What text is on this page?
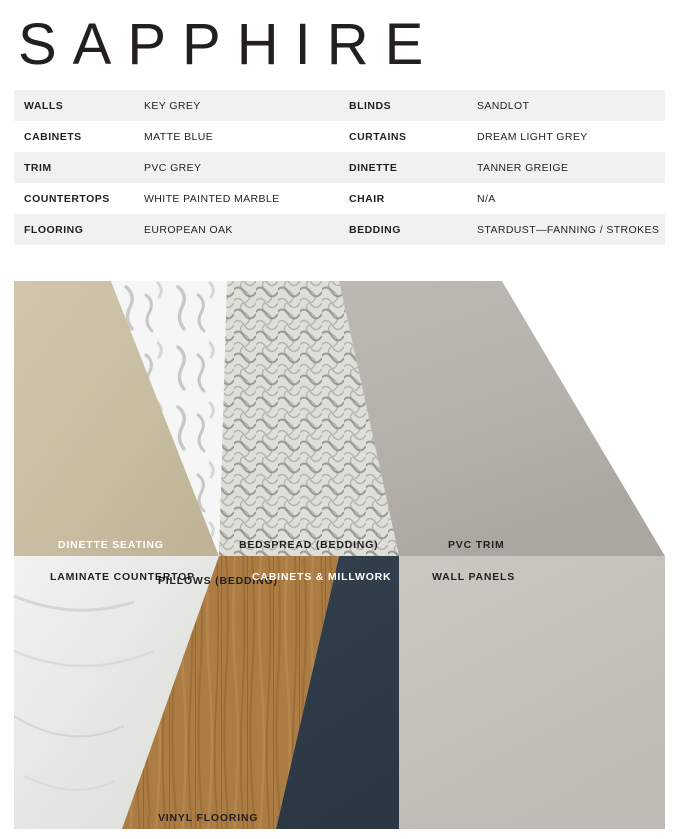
SAPPHIRE
WALLS	KEY GREY	BLINDS	SANDLOT
CABINETS	MATTE BLUE	CURTAINS	DREAM LIGHT GREY
TRIM	PVC GREY	DINETTE	TANNER GREIGE
COUNTERTOPS	WHITE PAINTED MARBLE	CHAIR	N/A
FLOORING	EUROPEAN OAK	BEDDING	STARDUST—FANNING / STROKES
PILLOWS (BEDDING)
DINETTE SEATING	BEDSPREAD (BEDDING)	PVC TRIM
LAMINATE COUNTERTOP	CABINETS & MILLWORK	WALL PANELS
VINYL FLOORING
